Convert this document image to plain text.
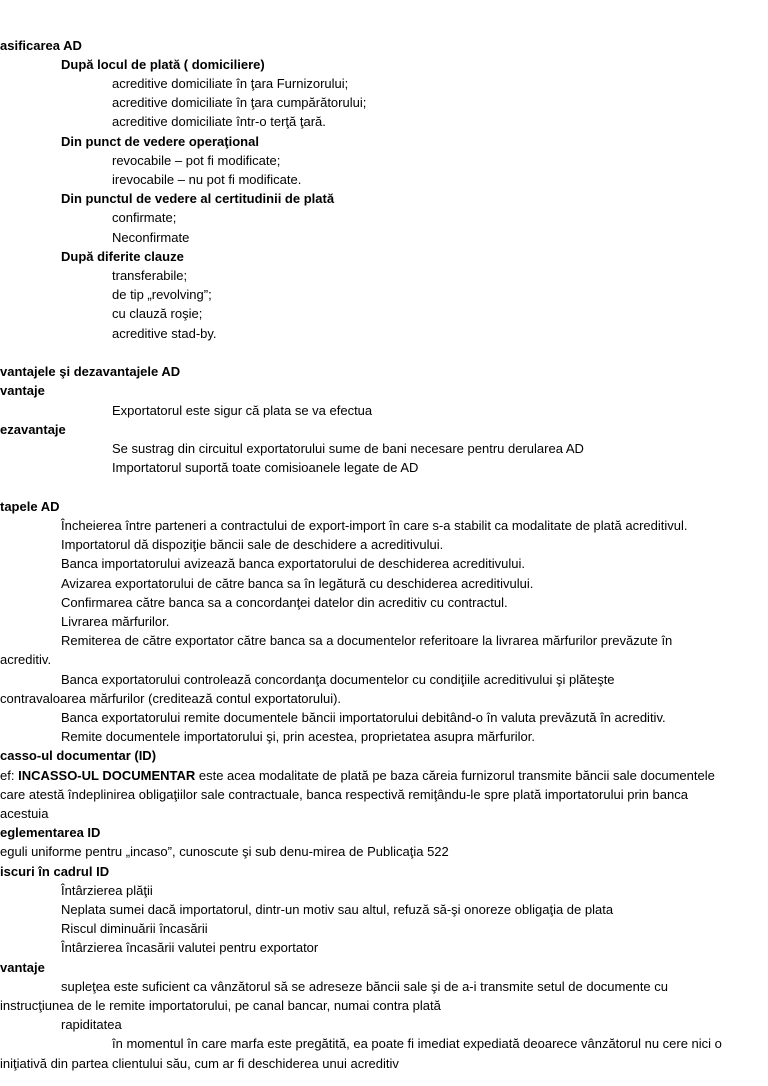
asificarea AD
După locul de plată ( domiciliere)
acreditive domiciliate în ţara Furnizorului;
acreditive domiciliate în ţara cumpărătorului;
acreditive domiciliate într-o terţă ţară.
Din punct de vedere operaţional
revocabile – pot fi modificate;
irevocabile – nu pot fi modificate.
Din punctul de vedere al certitudinii de plată
confirmate;
Neconfirmate
După diferite clauze
transferabile;
de tip „revolving”;
cu clauză roşie;
acreditive stad-by.
vantajele şi dezavantajele AD
vantaje
Exportatorul este sigur că plata se va efectua
ezavantaje
Se sustrag din circuitul exportatorului sume de bani necesare pentru derularea AD
Importatorul suportă toate comisioanele legate de AD
tapele AD
Încheierea între parteneri a contractului de export-import în care s-a stabilit ca modalitate de plată acreditivul.
Importatorul dă dispoziţie băncii sale de deschidere a acreditivului.
Banca importatorului avizează banca exportatorului de deschiderea acreditivului.
Avizarea exportatorului de către banca sa în legătură cu deschiderea acreditivului.
Confirmarea către banca sa a concordanţei datelor din acreditiv cu contractul.
Livrarea mărfurilor.
Remiterea de către exportator către banca sa a documentelor referitoare la livrarea mărfurilor prevăzute în
acreditiv.
Banca exportatorului controlează concordanţa documentelor cu condiţiile acreditivului şi plăteşte
contravaloarea mărfurilor (creditează contul exportatorului).
Banca exportatorului remite documentele băncii importatorului debitând-o în valuta prevăzută în acreditiv.
Remite documentele importatorului şi, prin acestea, proprietatea asupra mărfurilor.
casso-ul documentar (ID)
ef: INCASSO-UL DOCUMENTAR este acea modalitate de plată pe baza căreia furnizorul transmite băncii sale documentele
care atestă îndeplinirea obligaţiilor sale contractuale, banca respectivă remiţându-le spre plată importatorului prin banca
acestuia
eglementarea ID
eguli uniforme pentru „incaso”, cunoscute şi sub denu-mirea de Publicaţia 522
iscuri în cadrul ID
Întârzierea plăţii
Neplata sumei dacă importatorul, dintr-un motiv sau altul, refuză să-şi onoreze obligaţia de plata
Riscul diminuării încasării
Întârzierea încasării valutei pentru exportator
vantaje
supleţea este suficient ca vânzătorul să se adreseze băncii sale şi de a-i transmite setul de documente cu
instrucţiunea de le remite importatorului, pe canal bancar, numai contra plată
rapiditatea
în momentul în care marfa este pregătită, ea poate fi imediat expediată deoarece vânzătorul nu cere nici o
iniţiativă din partea clientului său, cum ar fi deschiderea unui acreditiv
